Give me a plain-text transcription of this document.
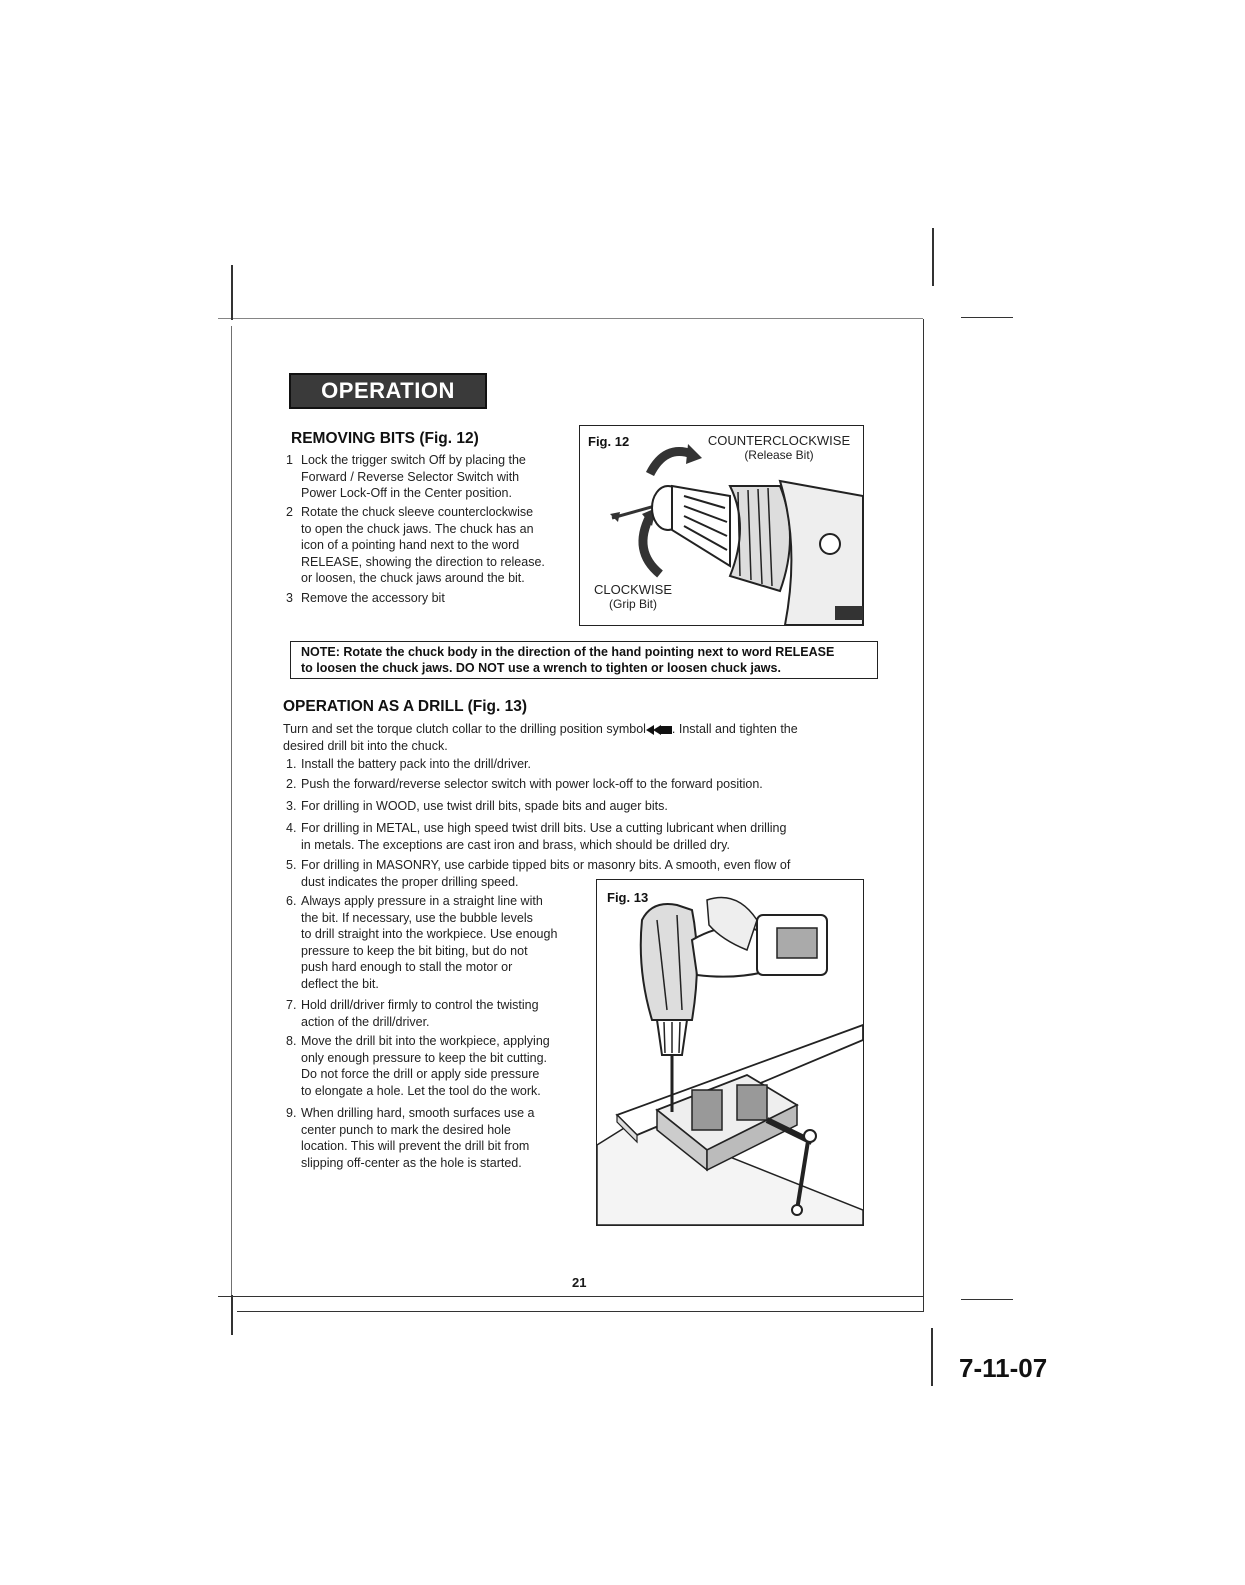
OPERATION cont.
REMOVING BITS (Fig. 12)
1 Lock the trigger switch Off by placing the
Forward / Reverse Selector Switch with
Power Lock-Off in the Center position.
2 Rotate the chuck sleeve counterclockwise
to open the chuck jaws. The chuck has an
icon of a pointing hand next to the word
RELEASE, showing the direction to release.
or loosen, the chuck jaws around the bit.
3 Remove the accessory bit
Fig. 12	COUNTERCLOCKWISE
(Release Bit)
CLOCKWISE
(Grip Bit)
NOTE: Rotate the chuck body in the direction of the hand pointing next to word RELEASE
to loosen the chuck jaws. DO NOT use a wrench to tighten or loosen chuck jaws.
OPERATION AS A DRILL (Fig. 13)
Turn and set the torque clutch collar to the drilling position symbol . Install and tighten the
desired drill bit into the chuck.
1. Install the battery pack into the drill/driver.
2. Push the forward/reverse selector switch with power lock-off to the forward position.
3. For drilling in WOOD, use twist drill bits, spade bits and auger bits.
4. For drilling in METAL, use high speed twist drill bits. Use a cutting lubricant when drilling
in metals. The exceptions are cast iron and brass, which should be drilled dry.
5. For drilling in MASONRY, use carbide tipped bits or masonry bits. A smooth, even flow of
dust indicates the proper drilling speed.
6. Always apply pressure in a straight line with
the bit. If necessary, use the bubble levels
to drill straight into the workpiece. Use enough
pressure to keep the bit biting, but do not
push hard enough to stall the motor or
deflect the bit.
7. Hold drill/driver firmly to control the twisting
action of the drill/driver.
8. Move the drill bit into the workpiece, applying
only enough pressure to keep the bit cutting.
Do not force the drill or apply side pressure
to elongate a hole. Let the tool do the work.
9. When drilling hard, smooth surfaces use a
center punch to mark the desired hole
location. This will prevent the drill bit from
slipping off-center as the hole is started.
Fig. 13
21
7-11-07
